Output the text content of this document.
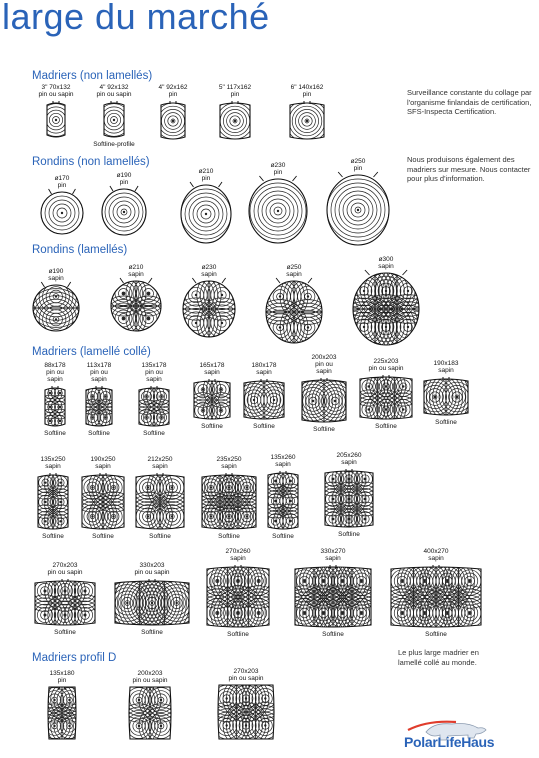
large du marché
Madriers (non lamellés)
Rondins (non lamellés)
Rondins (lamellés)
Madriers (lamellé collé)
Madriers profil D
Surveillance constante du collage par l'organisme finlandais de certification, SFS-Inspecta Certification.
Nous produisons également des madriers sur mesure. Nous contacter pour plus d'information.
Le plus large madrier en lamellé collé au monde.
3" 70x132
pin ou sapin
4" 92x132
pin ou sapin
Softline-profile
4" 92x162
pin
5" 117x162
pin
6" 140x162
pin
ø170
pin
ø190
pin
ø210
pin
ø230
pin
ø250
pin
ø190
sapin
ø210
sapin
ø230
sapin
ø250
sapin
ø300
sapin
88x178
pin ou
sapin
Softline
113x178
pin ou
sapin
Softline
135x178
pin ou
sapin
Softline
165x178
sapin
Softline
180x178
sapin
Softline
200x203
pin ou
sapin
Softline
225x203
pin ou sapin
Softline
190x183
sapin
Softline
135x250
sapin
Softline
190x250
sapin
Softline
212x250
sapin
Softline
235x250
sapin
Softline
135x260
sapin
Softline
205x260
sapin
Softline
270x203
pin ou sapin
Softline
330x203
pin ou sapin
Softline
270x260
sapin
Softline
330x270
sapin
Softline
400x270
sapin
Softline
135x180
pin
200x203
pin ou sapin
270x203
pin ou sapin
PolarLifeHaus
